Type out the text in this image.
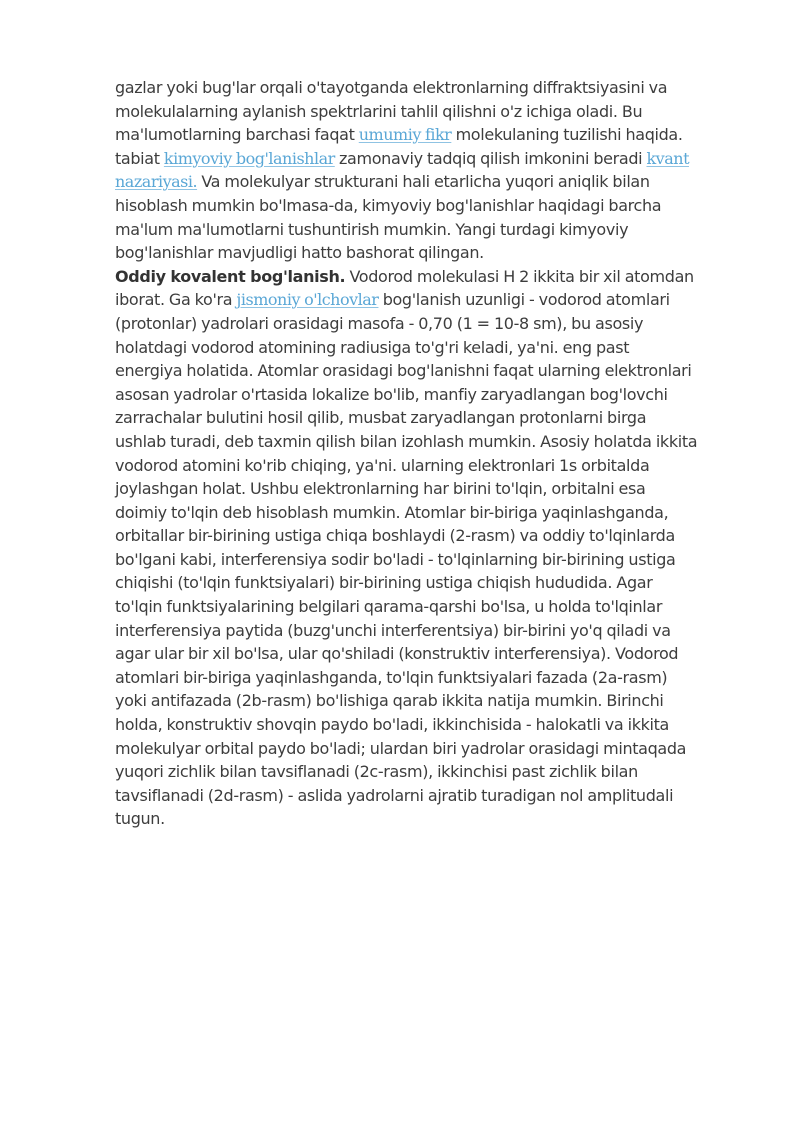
gazlar yoki bug'lar orqali o'tayotganda elektronlarning diffraktsiyasini va
molekulalarning aylanish spektrlarini tahlil qilishni o'z ichiga oladi. Bu
ma'lumotlarning barchasi faqat umumiy fikr molekulaning tuzilishi haqida.
tabiat kimyoviy bog'lanishlar zamonaviy tadqiq qilish imkonini beradi kvant
nazariyasi. Va molekulyar strukturani hali etarlicha yuqori aniqlik bilan
hisoblash mumkin bo'lmasa-da, kimyoviy bog'lanishlar haqidagi barcha
ma'lum ma'lumotlarni tushuntirish mumkin. Yangi turdagi kimyoviy
bog'lanishlar mavjudligi hatto bashorat qilingan.
Oddiy kovalent bog'lanish. Vodorod molekulasi H 2 ikkita bir xil atomdan
iborat. Ga ko'ra jismoniy o'lchovlar bog'lanish uzunligi - vodorod atomlari
(protonlar) yadrolari orasidagi masofa - 0,70 (1 = 10-8 sm), bu asosiy
holatdagi vodorod atomining radiusiga to'g'ri keladi, ya'ni. eng past
energiya holatida. Atomlar orasidagi bog'lanishni faqat ularning elektronlari
asosan yadrolar o'rtasida lokalize bo'lib, manfiy zaryadlangan bog'lovchi
zarrachalar bulutini hosil qilib, musbat zaryadlangan protonlarni birga
ushlab turadi, deb taxmin qilish bilan izohlash mumkin. Asosiy holatda ikkita
vodorod atomini ko'rib chiqing, ya'ni. ularning elektronlari 1s orbitalda
joylashgan holat. Ushbu elektronlarning har birini to'lqin, orbitalni esa
doimiy to'lqin deb hisoblash mumkin. Atomlar bir-biriga yaqinlashganda,
orbitallar bir-birining ustiga chiqa boshlaydi (2-rasm) va oddiy to'lqinlarda
bo'lgani kabi, interferensiya sodir bo'ladi - to'lqinlarning bir-birining ustiga
chiqishi (to'lqin funktsiyalari) bir-birining ustiga chiqish hududida. Agar
to'lqin funktsiyalarining belgilari qarama-qarshi bo'lsa, u holda to'lqinlar
interferensiya paytida (buzg'unchi interferentsiya) bir-birini yo'q qiladi va
agar ular bir xil bo'lsa, ular qo'shiladi (konstruktiv interferensiya). Vodorod
atomlari bir-biriga yaqinlashganda, to'lqin funktsiyalari fazada (2a-rasm)
yoki antifazada (2b-rasm) bo'lishiga qarab ikkita natija mumkin. Birinchi
holda, konstruktiv shovqin paydo bo'ladi, ikkinchisida - halokatli va ikkita
molekulyar orbital paydo bo'ladi; ulardan biri yadrolar orasidagi mintaqada
yuqori zichlik bilan tavsiflanadi (2c-rasm), ikkinchisi past zichlik bilan
tavsiflanadi (2d-rasm) - aslida yadrolarni ajratib turadigan nol amplitudali
tugun.
